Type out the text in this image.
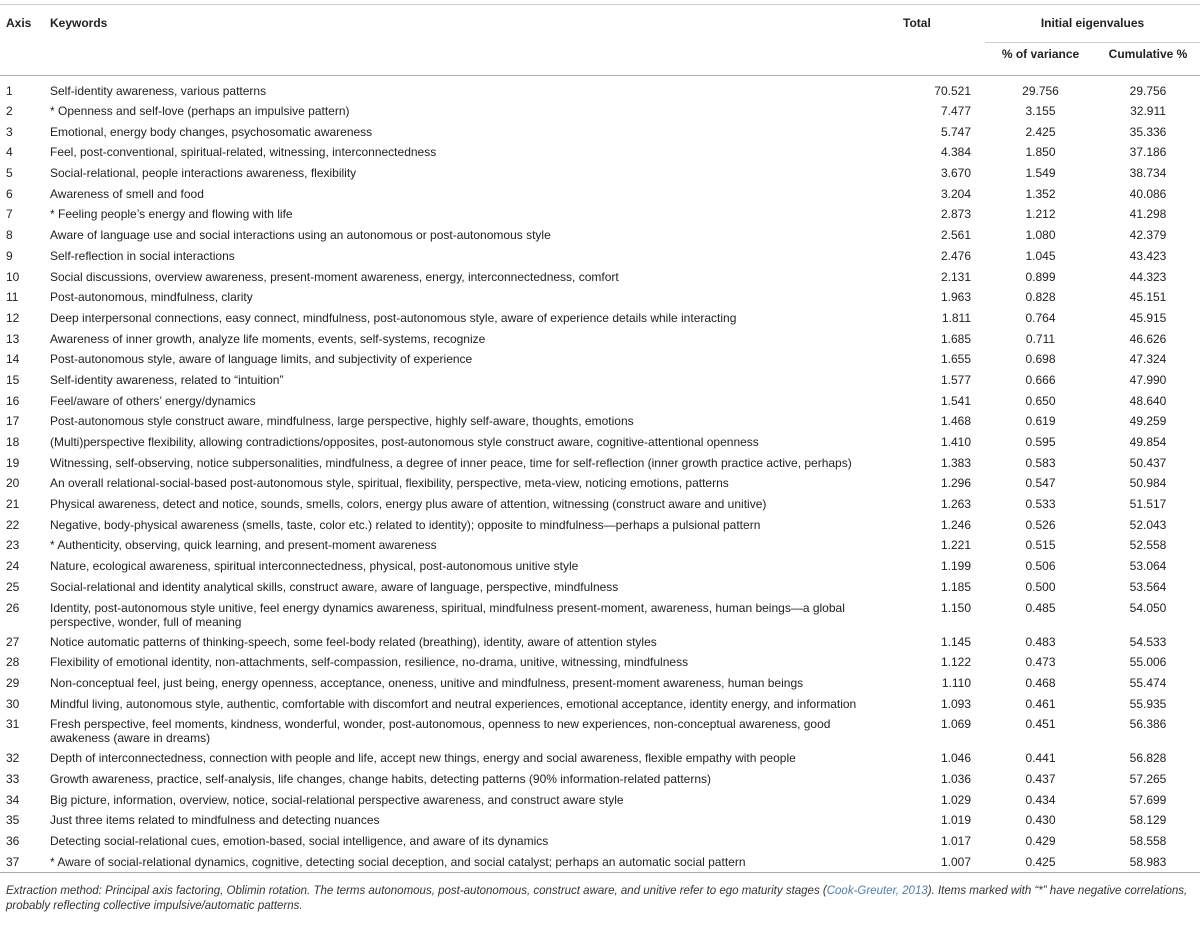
Axis	Keywords	Total	Initial eigenvalues	
			% of variance	Cumulative %
1	Self-identity awareness, various patterns	70.521	29.756	29.756
2	* Openness and self-love (perhaps an impulsive pattern)	7.477	3.155	32.911
3	Emotional, energy body changes, psychosomatic awareness	5.747	2.425	35.336
4	Feel, post-conventional, spiritual-related, witnessing, interconnectedness	4.384	1.850	37.186
5	Social-relational, people interactions awareness, flexibility	3.670	1.549	38.734
6	Awareness of smell and food	3.204	1.352	40.086
7	* Feeling people’s energy and flowing with life	2.873	1.212	41.298
8	Aware of language use and social interactions using an autonomous or post-autonomous style	2.561	1.080	42.379
9	Self-reflection in social interactions	2.476	1.045	43.423
10	Social discussions, overview awareness, present-moment awareness, energy, interconnectedness, comfort	2.131	0.899	44.323
11	Post-autonomous, mindfulness, clarity	1.963	0.828	45.151
12	Deep interpersonal connections, easy connect, mindfulness, post-autonomous style, aware of experience details while interacting	1.811	0.764	45.915
13	Awareness of inner growth, analyze life moments, events, self-systems, recognize	1.685	0.711	46.626
14	Post-autonomous style, aware of language limits, and subjectivity of experience	1.655	0.698	47.324
15	Self-identity awareness, related to “intuition”	1.577	0.666	47.990
16	Feel/aware of others’ energy/dynamics	1.541	0.650	48.640
17	Post-autonomous style construct aware, mindfulness, large perspective, highly self-aware, thoughts, emotions	1.468	0.619	49.259
18	(Multi)perspective flexibility, allowing contradictions/opposites, post-autonomous style construct aware, cognitive-attentional openness	1.410	0.595	49.854
19	Witnessing, self-observing, notice subpersonalities, mindfulness, a degree of inner peace, time for self-reflection (inner growth practice active, perhaps)	1.383	0.583	50.437
20	An overall relational-social-based post-autonomous style, spiritual, flexibility, perspective, meta-view, noticing emotions, patterns	1.296	0.547	50.984
21	Physical awareness, detect and notice, sounds, smells, colors, energy plus aware of attention, witnessing (construct aware and unitive)	1.263	0.533	51.517
22	Negative, body-physical awareness (smells, taste, color etc.) related to identity); opposite to mindfulness—perhaps a pulsional pattern	1.246	0.526	52.043
23	* Authenticity, observing, quick learning, and present-moment awareness	1.221	0.515	52.558
24	Nature, ecological awareness, spiritual interconnectedness, physical, post-autonomous unitive style	1.199	0.506	53.064
25	Social-relational and identity analytical skills, construct aware, aware of language, perspective, mindfulness	1.185	0.500	53.564
26	Identity, post-autonomous style unitive, feel energy dynamics awareness, spiritual, mindfulness present-moment, awareness, human beings—a global perspective, wonder, full of meaning	1.150	0.485	54.050
27	Notice automatic patterns of thinking-speech, some feel-body related (breathing), identity, aware of attention styles	1.145	0.483	54.533
28	Flexibility of emotional identity, non-attachments, self-compassion, resilience, no-drama, unitive, witnessing, mindfulness	1.122	0.473	55.006
29	Non-conceptual feel, just being, energy openness, acceptance, oneness, unitive and mindfulness, present-moment awareness, human beings	1.110	0.468	55.474
30	Mindful living, autonomous style, authentic, comfortable with discomfort and neutral experiences, emotional acceptance, identity energy, and information	1.093	0.461	55.935
31	Fresh perspective, feel moments, kindness, wonderful, wonder, post-autonomous, openness to new experiences, non-conceptual awareness, good awakeness (aware in dreams)	1.069	0.451	56.386
32	Depth of interconnectedness, connection with people and life, accept new things, energy and social awareness, flexible empathy with people	1.046	0.441	56.828
33	Growth awareness, practice, self-analysis, life changes, change habits, detecting patterns (90% information-related patterns)	1.036	0.437	57.265
34	Big picture, information, overview, notice, social-relational perspective awareness, and construct aware style	1.029	0.434	57.699
35	Just three items related to mindfulness and detecting nuances	1.019	0.430	58.129
36	Detecting social-relational cues, emotion-based, social intelligence, and aware of its dynamics	1.017	0.429	58.558
37	* Aware of social-relational dynamics, cognitive, detecting social deception, and social catalyst; perhaps an automatic social pattern	1.007	0.425	58.983
Extraction method: Principal axis factoring, Oblimin rotation. The terms autonomous, post-autonomous, construct aware, and unitive refer to ego maturity stages (Cook-Greuter, 2013). Items marked with “*” have negative correlations, probably reflecting collective impulsive/automatic patterns.
